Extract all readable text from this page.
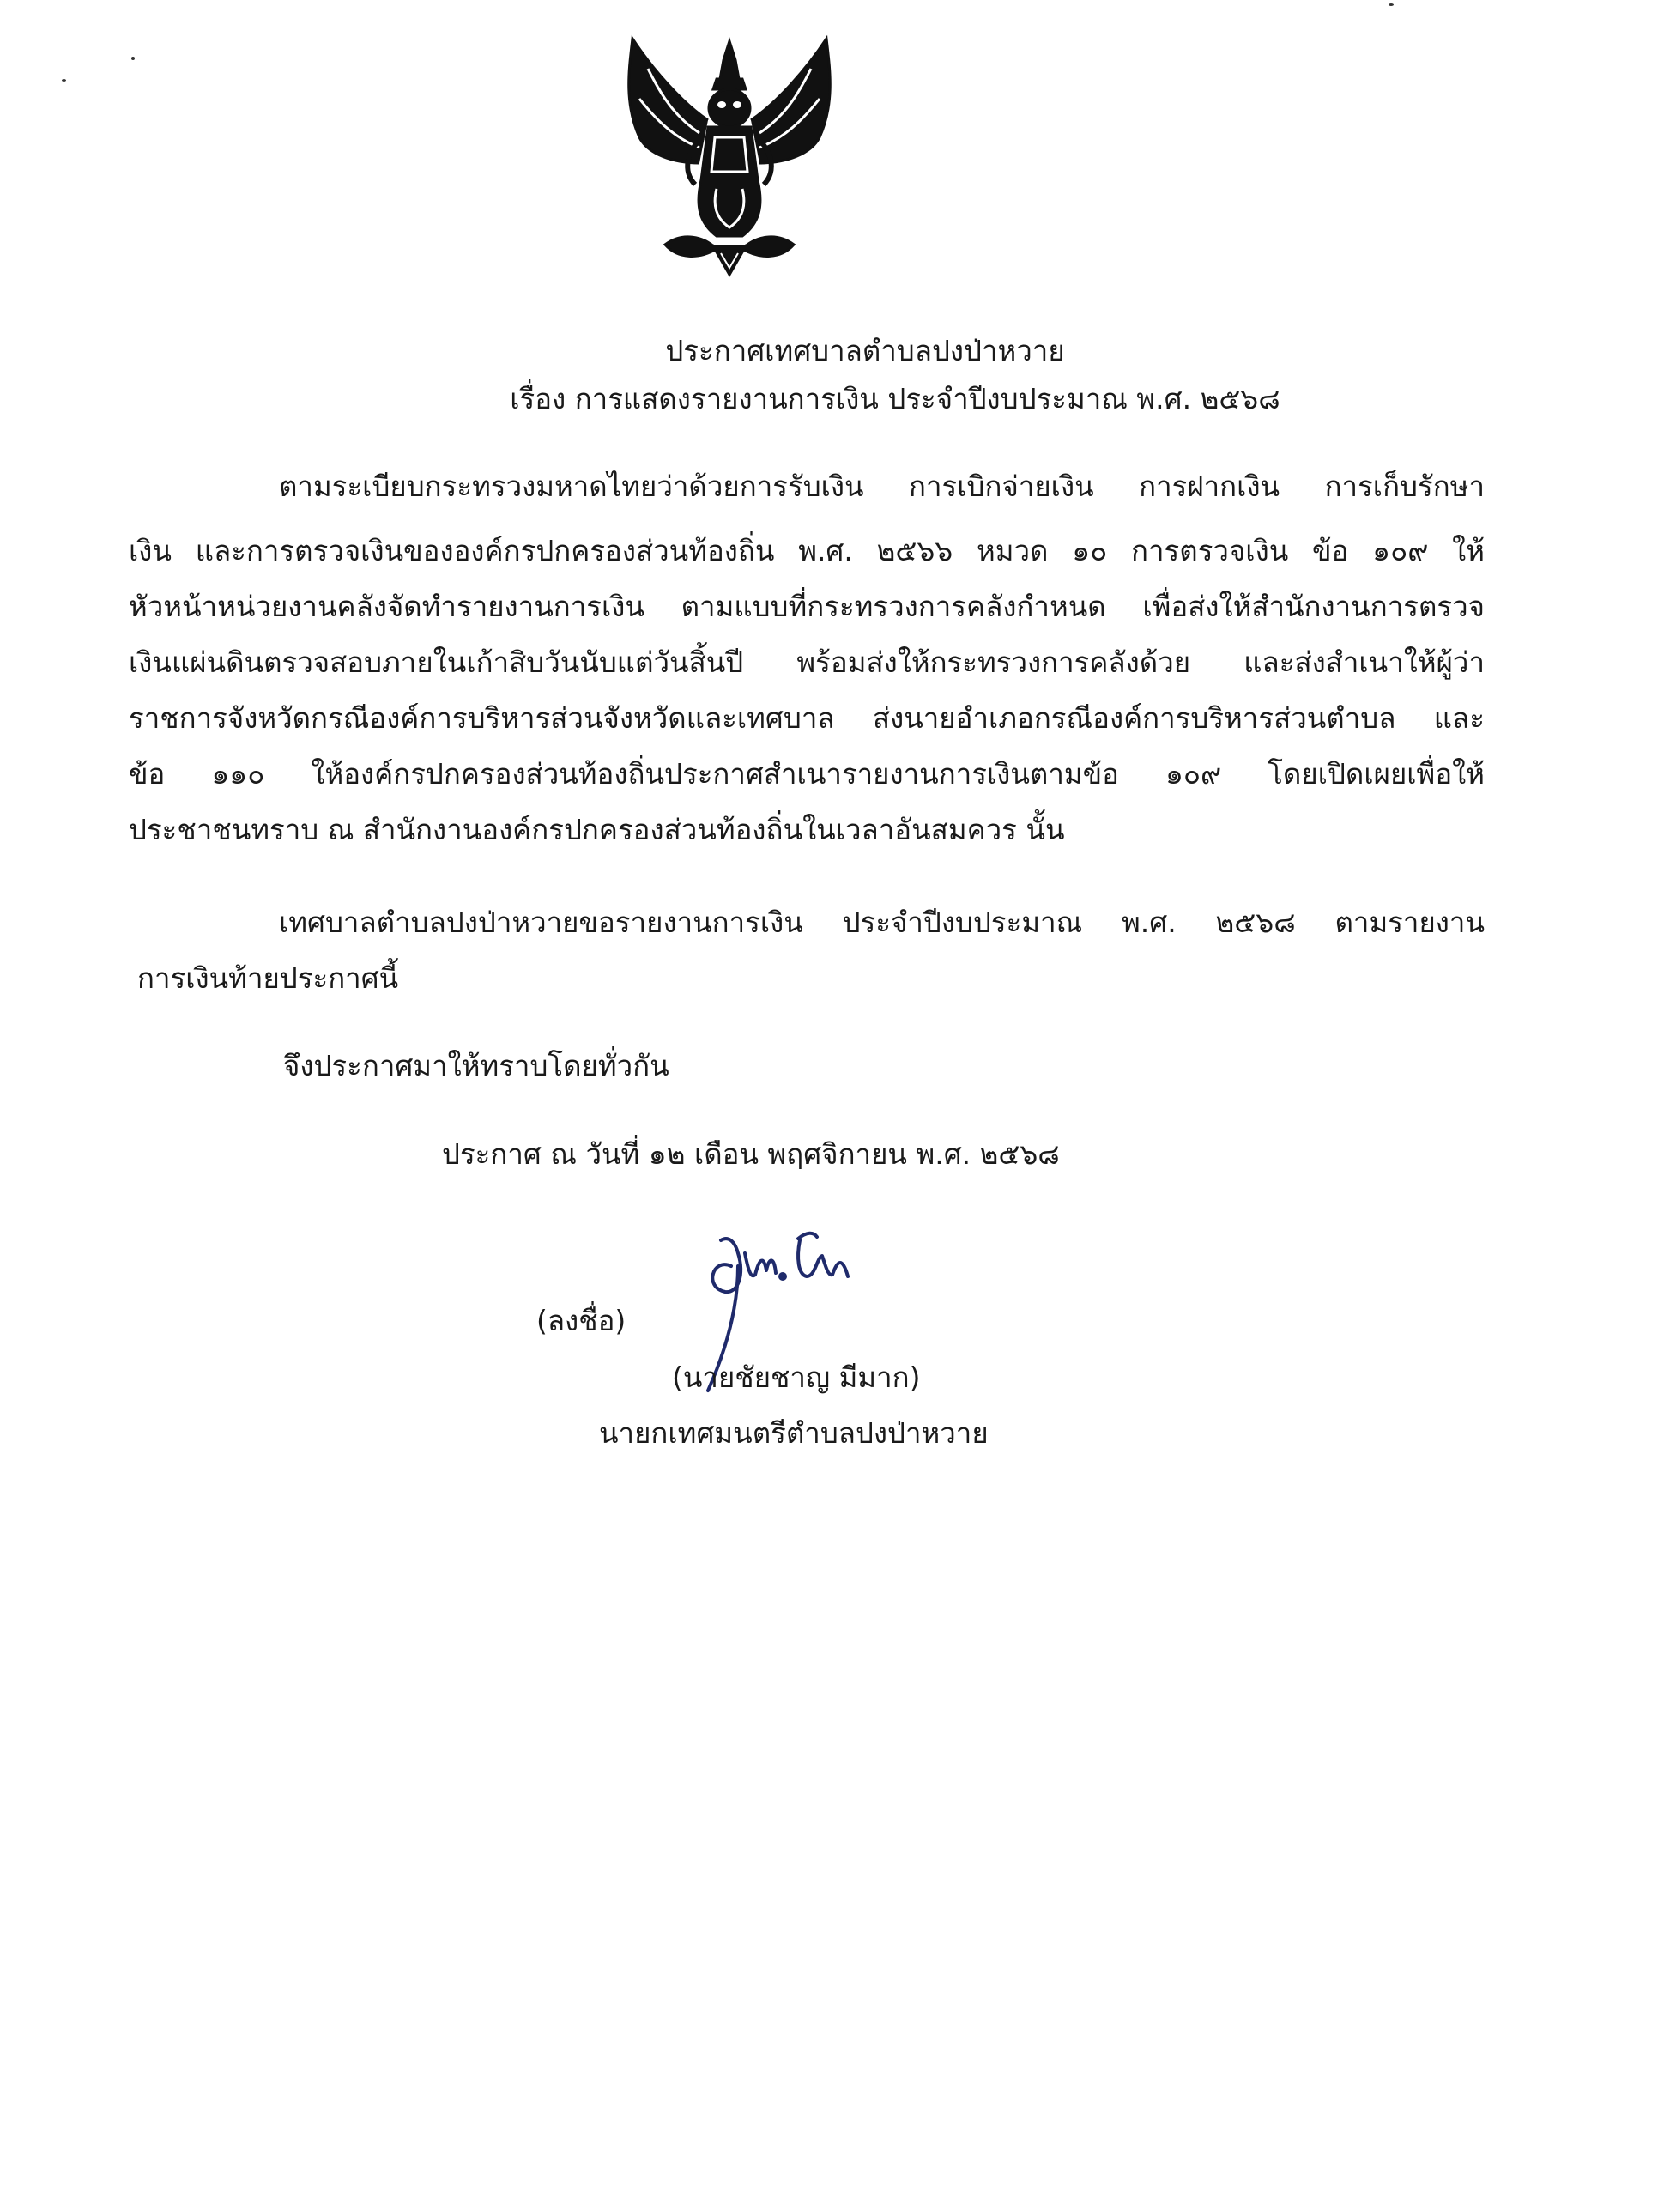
ประกาศเทศบาลตำบลปงป่าหวาย
เรื่อง การแสดงรายงานการเงิน ประจำปีงบประมาณ พ.ศ. ๒๕๖๘
ตามระเบียบกระทรวงมหาดไทยว่าด้วยการรับเงิน การเบิกจ่ายเงิน การฝากเงิน การเก็บรักษา
เงิน และการตรวจเงินขององค์กรปกครองส่วนท้องถิ่น พ.ศ. ๒๕๖๖ หมวด ๑๐ การตรวจเงิน ข้อ ๑๐๙ ให้
หัวหน้าหน่วยงานคลังจัดทำรายงานการเงิน ตามแบบที่กระทรวงการคลังกำหนด เพื่อส่งให้สำนักงานการตรวจ
เงินแผ่นดินตรวจสอบภายในเก้าสิบวันนับแต่วันสิ้นปี พร้อมส่งให้กระทรวงการคลังด้วย และส่งสำเนาให้ผู้ว่า
ราชการจังหวัดกรณีองค์การบริหารส่วนจังหวัดและเทศบาล ส่งนายอำเภอกรณีองค์การบริหารส่วนตำบล และ
ข้อ ๑๑๐ ให้องค์กรปกครองส่วนท้องถิ่นประกาศสำเนารายงานการเงินตามข้อ ๑๐๙ โดยเปิดเผยเพื่อให้
ประชาชนทราบ ณ สำนักงานองค์กรปกครองส่วนท้องถิ่นในเวลาอันสมควร นั้น
เทศบาลตำบลปงป่าหวายขอรายงานการเงิน ประจำปีงบประมาณ พ.ศ. ๒๕๖๘ ตามรายงาน
การเงินท้ายประกาศนี้
จึงประกาศมาให้ทราบโดยทั่วกัน
ประกาศ ณ วันที่ ๑๒ เดือน พฤศจิกายน พ.ศ. ๒๕๖๘
(ลงชื่อ)
(นายชัยชาญ มีมาก)
นายกเทศมนตรีตำบลปงป่าหวาย
